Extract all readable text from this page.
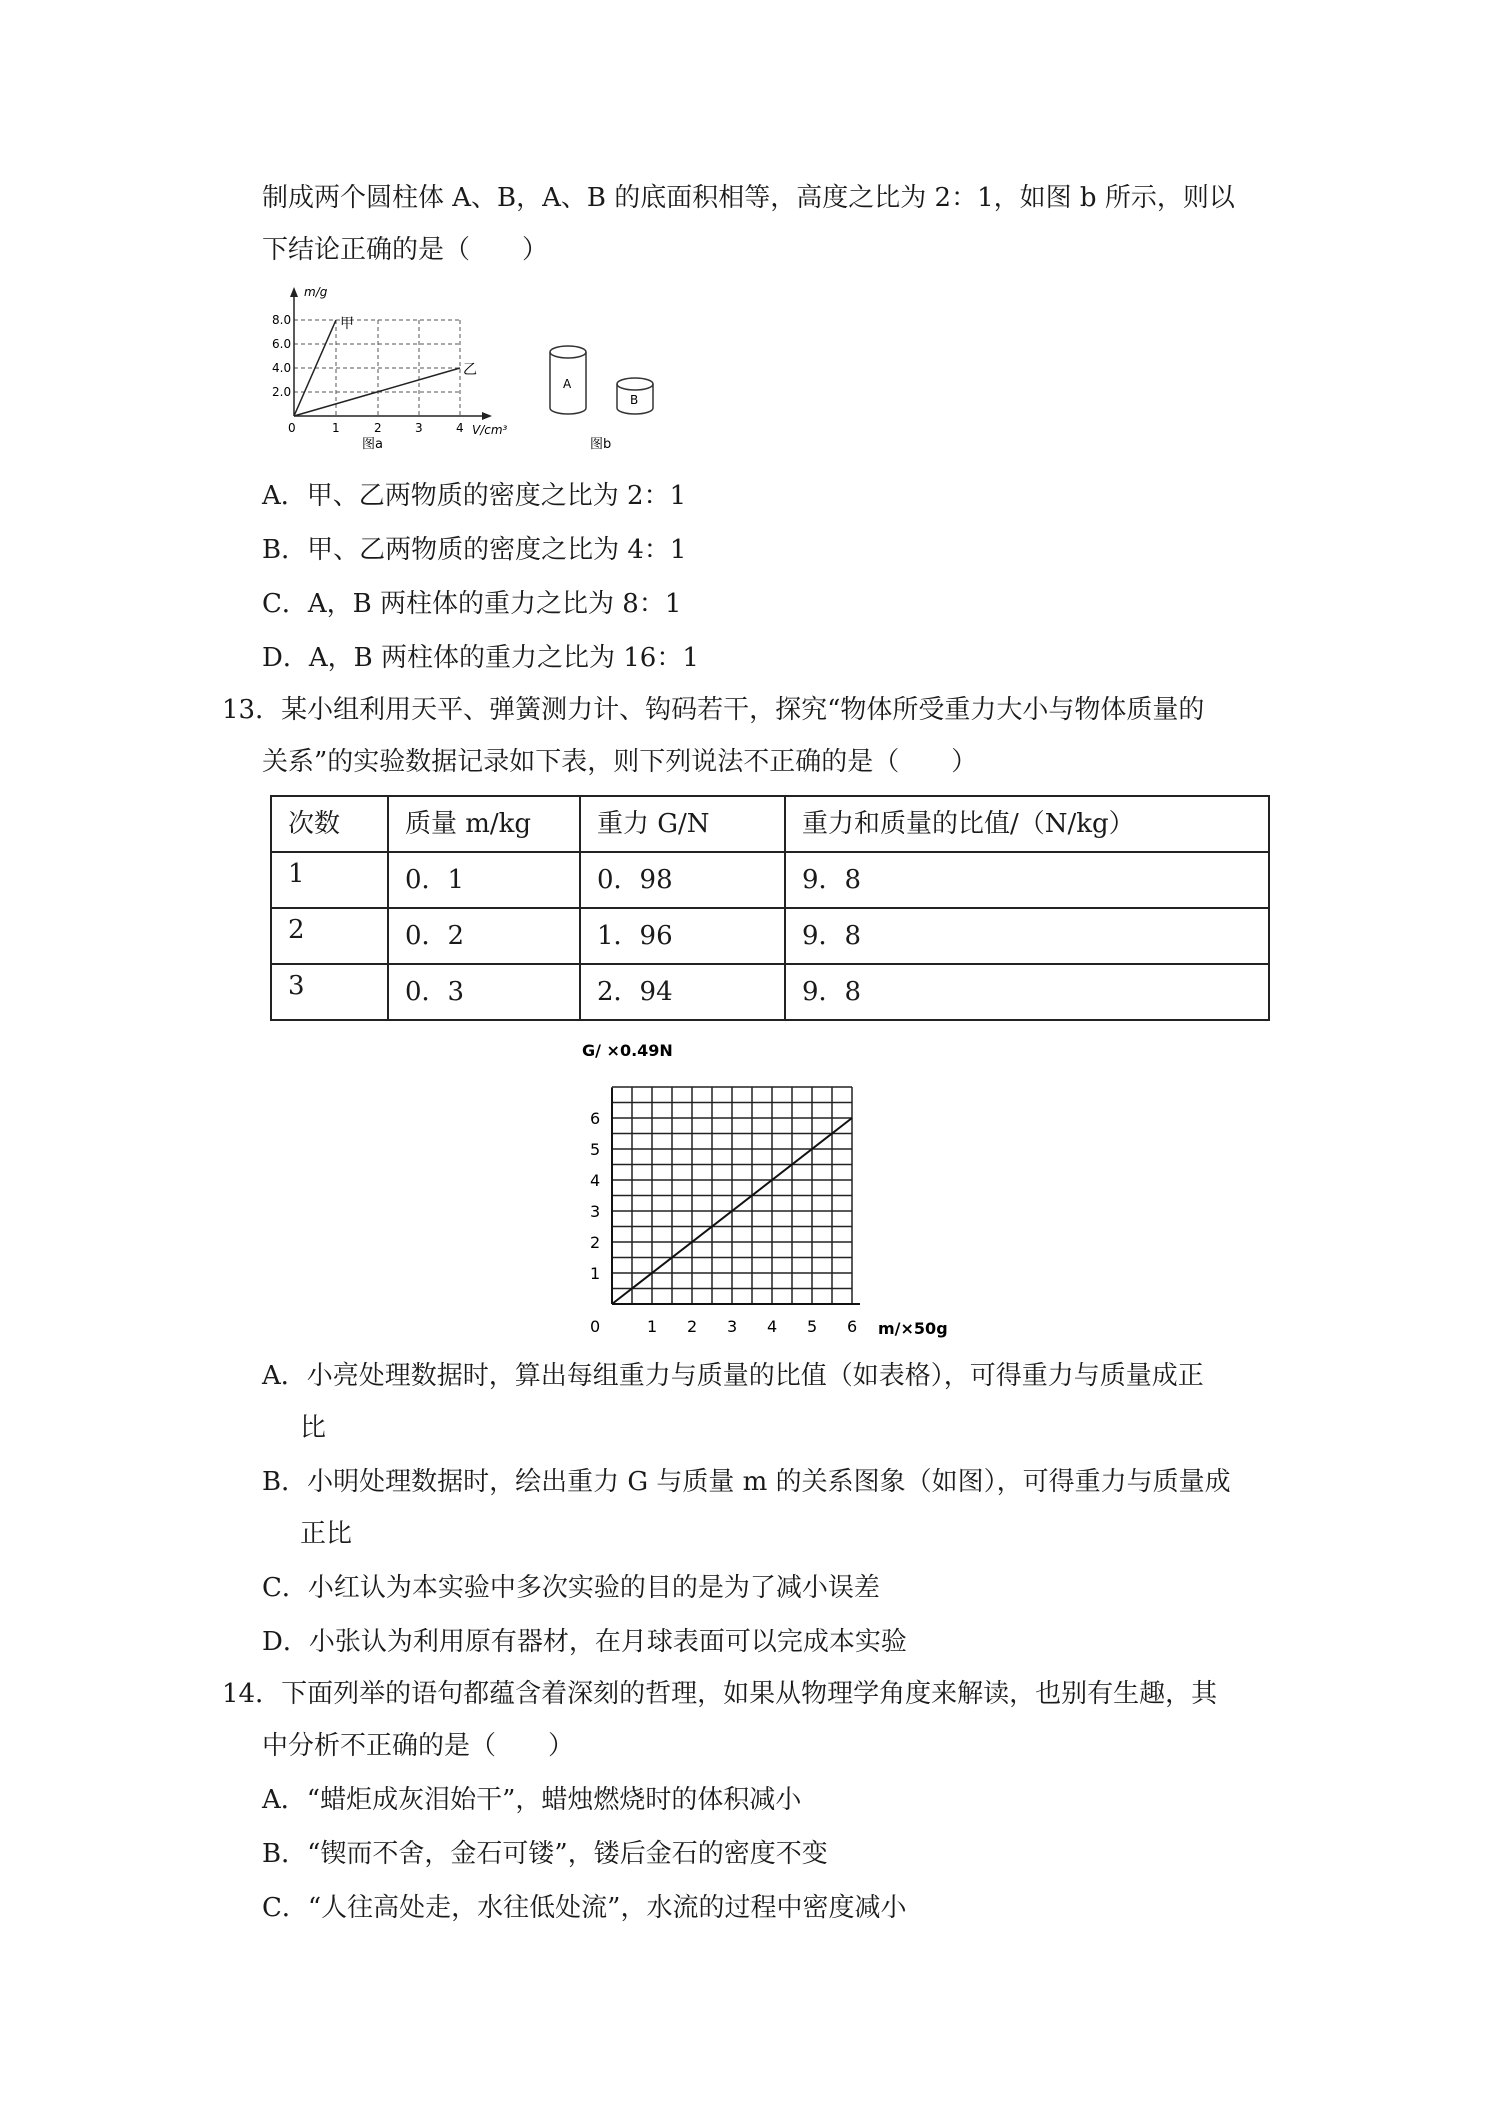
制成两个圆柱体 A、B，A、B 的底面积相等，高度之比为 2：1，如图 b 所示，则以
下结论正确的是（　　）
m/g
8.0
6.0
4.0
2.0
0	1	2	3	4 V/cm³
甲
乙
图a
A
B
图b
A．甲、乙两物质的密度之比为 2：1
B．甲、乙两物质的密度之比为 4：1
C．A，B 两柱体的重力之比为 8：1
D．A，B 两柱体的重力之比为 16：1
13．某小组利用天平、弹簧测力计、钩码若干，探究“物体所受重力大小与物体质量的
关系”的实验数据记录如下表，则下列说法不正确的是（　　）
次数	质量 m/kg	重力 G/N	重力和质量的比值/（N/kg）
1	0．1	0．98	9．8
2	0．2	1．96	9．8
3	0．3	2．94	9．8
G/ ×0.49N
m/×50g
6
5
4
3
2
1
0	1 2 3 4 5 6
A．小亮处理数据时，算出每组重力与质量的比值（如表格），可得重力与质量成正
比
B．小明处理数据时，绘出重力 G 与质量 m 的关系图象（如图），可得重力与质量成
正比
C．小红认为本实验中多次实验的目的是为了减小误差
D．小张认为利用原有器材，在月球表面可以完成本实验
14．下面列举的语句都蕴含着深刻的哲理，如果从物理学角度来解读，也别有生趣，其
中分析不正确的是（　　）
A．“蜡炬成灰泪始干”，蜡烛燃烧时的体积减小
B．“锲而不舍，金石可镂”，镂后金石的密度不变
C．“人往高处走，水往低处流”，水流的过程中密度减小
